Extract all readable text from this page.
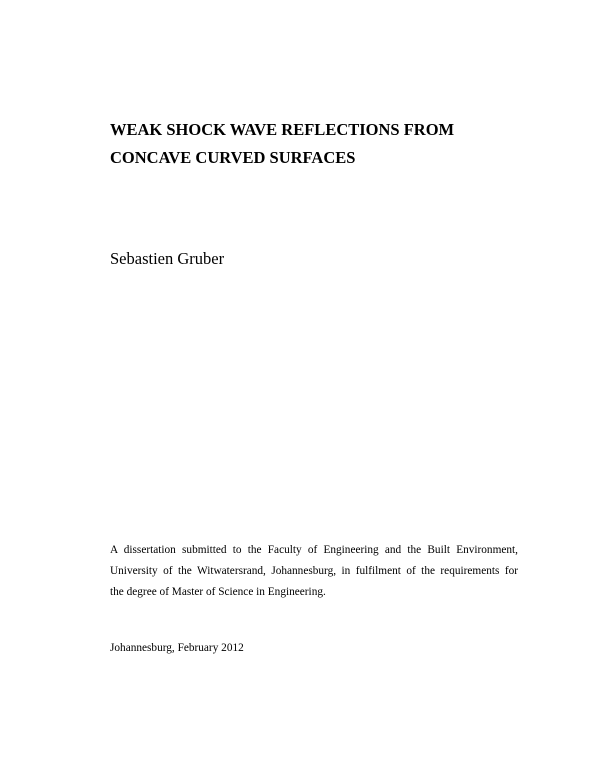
WEAK SHOCK WAVE REFLECTIONS FROM
CONCAVE CURVED SURFACES

Sebastien Gruber

A dissertation submitted to the Faculty of Engineering and the Built Environment,
University of the Witwatersrand, Johannesburg, in fulfilment of the requirements for
the degree of Master of Science in Engineering.

Johannesburg, February 2012
